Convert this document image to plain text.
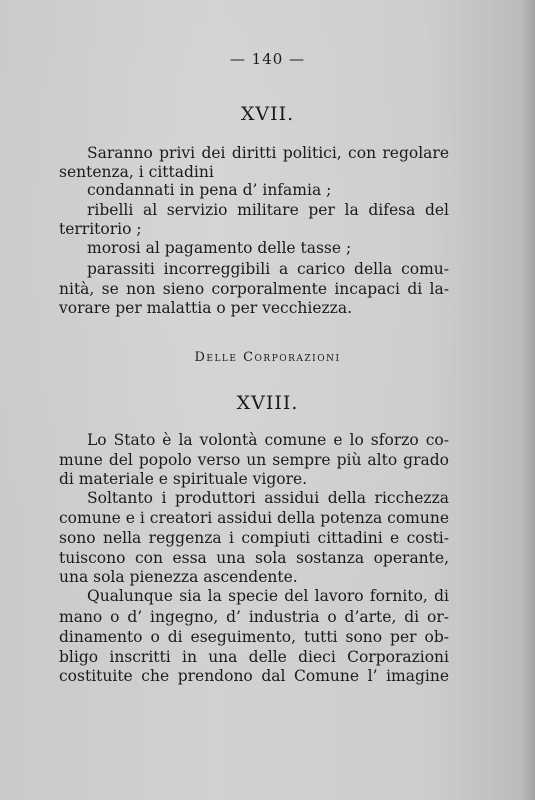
— 140 —
XVII.
Saranno privi dei diritti politici, con regolare
sentenza, i cittadini
condannati in pena d’ infamia ;
ribelli al servizio militare per la difesa del
territorio ;
morosi al pagamento delle tasse ;
parassiti incorreggibili a carico della comu-
nità, se non sieno corporalmente incapaci di la-
vorare per malattia o per vecchiezza.
Delle Corporazioni
XVIII.
Lo Stato è la volontà comune e lo sforzo co-
mune del popolo verso un sempre più alto grado
di materiale e spirituale vigore.
Soltanto i produttori assidui della ricchezza
comune e i creatori assidui della potenza comune
sono nella reggenza i compiuti cittadini e costi-
tuiscono con essa una sola sostanza operante,
una sola pienezza ascendente.
Qualunque sia la specie del lavoro fornito, di
mano o d’ ingegno, d’ industria o d’arte, di or-
dinamento o di eseguimento, tutti sono per ob-
bligo inscritti in una delle dieci Corporazioni
costituite che prendono dal Comune l’ imagine
